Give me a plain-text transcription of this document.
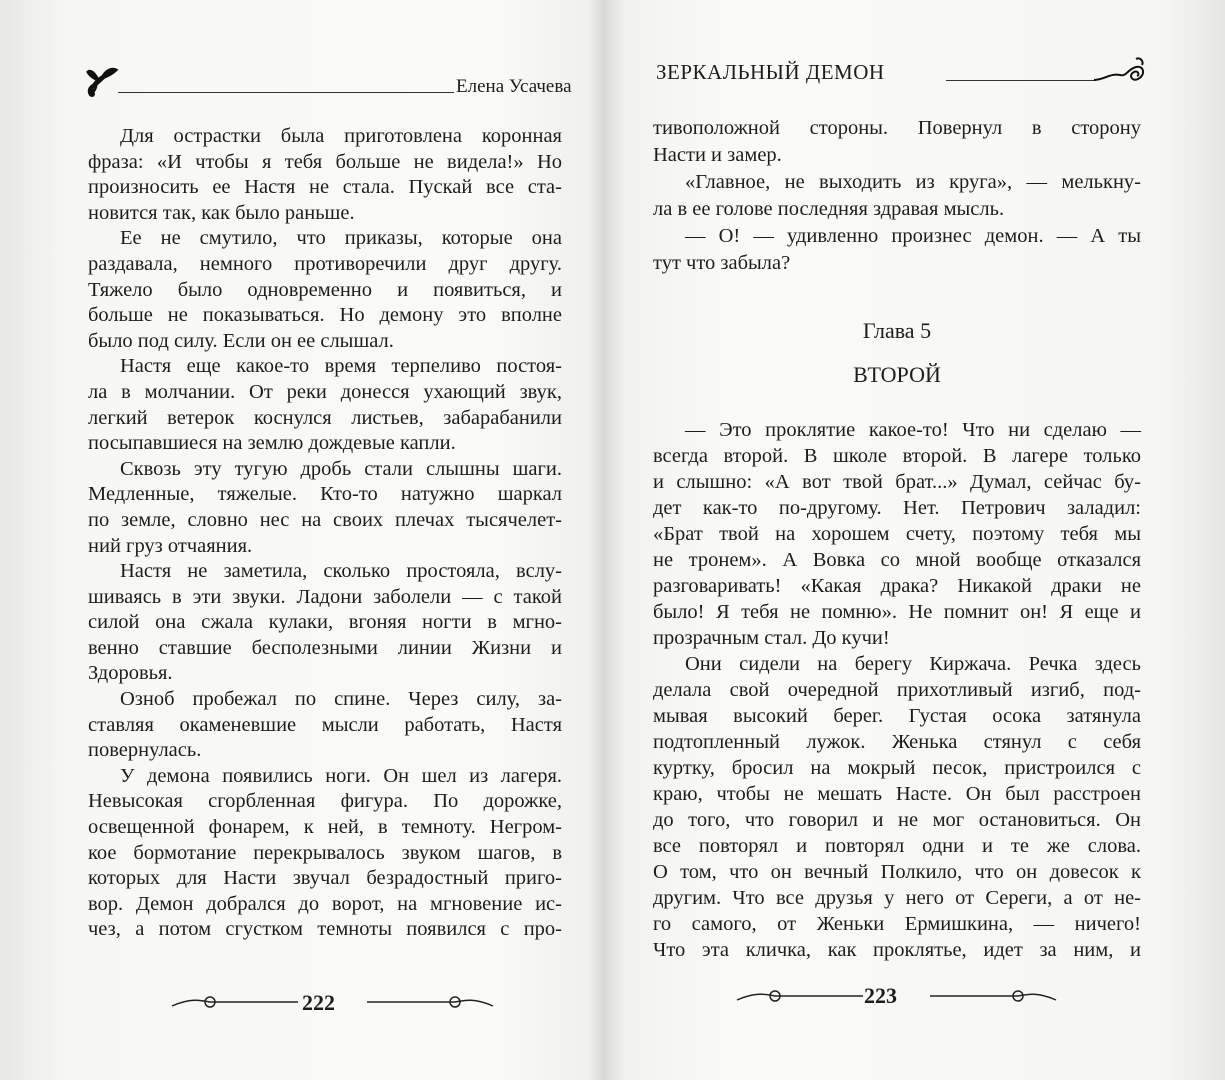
Елена Усачева
ЗЕРКАЛЬНЫЙ ДЕМОН
Для острастки была приготовлена коронная
фраза: «И чтобы я тебя больше не видела!» Но
произносить ее Настя не стала. Пускай все ста-
новится так, как было раньше.
Ее не смутило, что приказы, которые она
раздавала, немного противоречили друг другу.
Тяжело было одновременно и появиться, и
больше не показываться. Но демону это вполне
было под силу. Если он ее слышал.
Настя еще какое-то время терпеливо постоя-
ла в молчании. От реки донесся ухающий звук,
легкий ветерок коснулся листьев, забарабанили
посыпавшиеся на землю дождевые капли.
Сквозь эту тугую дробь стали слышны шаги.
Медленные, тяжелые. Кто-то натужно шаркал
по земле, словно нес на своих плечах тысячелет-
ний груз отчаяния.
Настя не заметила, сколько простояла, вслу-
шиваясь в эти звуки. Ладони заболели — с такой
силой она сжала кулаки, вгоняя ногти в мгно-
венно ставшие бесполезными линии Жизни и
Здоровья.
Озноб пробежал по спине. Через силу, за-
ставляя окаменевшие мысли работать, Настя
повернулась.
У демона появились ноги. Он шел из лагеря.
Невысокая сгорбленная фигура. По дорожке,
освещенной фонарем, к ней, в темноту. Негром-
кое бормотание перекрывалось звуком шагов, в
которых для Насти звучал безрадостный приго-
вор. Демон добрался до ворот, на мгновение ис-
чез, а потом сгустком темноты появился с про-
тивоположной стороны. Повернул в сторону
Насти и замер.
«Главное, не выходить из круга», — мелькну-
ла в ее голове последняя здравая мысль.
— О! — удивленно произнес демон. — А ты
тут что забыла?
— Это проклятие какое-то! Что ни сделаю —
всегда второй. В школе второй. В лагере только
и слышно: «А вот твой брат...» Думал, сейчас бу-
дет как-то по-другому. Нет. Петрович заладил:
«Брат твой на хорошем счету, поэтому тебя мы
не тронем». А Вовка со мной вообще отказался
разговаривать! «Какая драка? Никакой драки не
было! Я тебя не помню». Не помнит он! Я еще и
прозрачным стал. До кучи!
Они сидели на берегу Киржача. Речка здесь
делала свой очередной прихотливый изгиб, под-
мывая высокий берег. Густая осока затянула
подтопленный лужок. Женька стянул с себя
куртку, бросил на мокрый песок, пристроился с
краю, чтобы не мешать Насте. Он был расстроен
до того, что говорил и не мог остановиться. Он
все повторял и повторял одни и те же слова.
О том, что он вечный Полкило, что он довесок к
другим. Что все друзья у него от Сереги, а от не-
го самого, от Женьки Ермишкина, — ничего!
Что эта кличка, как проклятье, идет за ним, и
Глава 5
ВТОРОЙ
222	223
